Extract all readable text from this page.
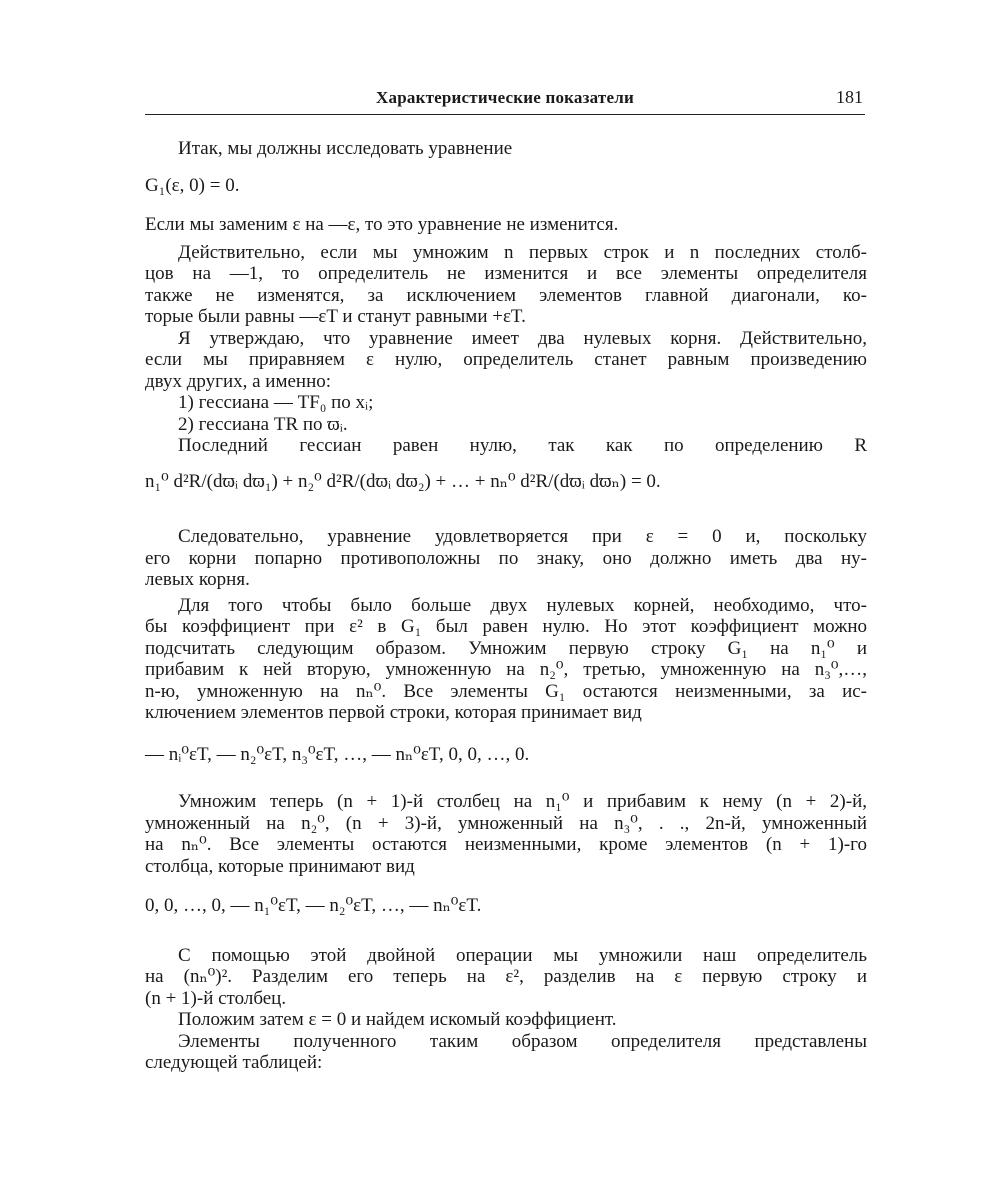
Характеристические показатели	181

Итак, мы должны исследовать уравнение

G₁(ε, 0) = 0.

Если мы заменим ε на —ε, то это уравнение не изменится.

Действительно, если мы умножим n первых строк и n последних столб-
цов на —1, то определитель не изменится и все элементы определителя
также не изменятся, за исключением элементов главной диагонали, ко-
торые были равны —εT и станут равными +εT.
Я утверждаю, что уравнение имеет два нулевых корня. Действительно,
если мы приравняем ε нулю, определитель станет равным произведению
двух других, а именно:

1) гессиана — TF₀ по xᵢ;

2) гессиана TR по ϖᵢ.

Последний гессиан равен нулю, так как по определению R

n₁⁰ d²R/(dϖᵢ dϖ₁) + n₂⁰ d²R/(dϖᵢ dϖ₂) + … + nₙ⁰ d²R/(dϖᵢ dϖₙ) = 0.

Следовательно, уравнение удовлетворяется при ε = 0 и, поскольку
его корни попарно противоположны по знаку, оно должно иметь два ну-
левых корня.
Для того чтобы было больше двух нулевых корней, необходимо, что-
бы коэффициент при ε² в G₁ был равен нулю. Но этот коэффициент можно
подсчитать следующим образом. Умножим первую строку G₁ на n₁⁰ и
прибавим к ней вторую, умноженную на n₂⁰, третью, умноженную на n₃⁰,…,
n-ю, умноженную на nₙ⁰. Все элементы G₁ остаются неизменными, за ис-
ключением элементов первой строки, которая принимает вид

— nᵢ⁰εT, — n₂⁰εT, n₃⁰εT, …, — nₙ⁰εT, 0, 0, …, 0.

Умножим теперь (n + 1)-й столбец на n₁⁰ и прибавим к нему (n + 2)-й,
умноженный на n₂⁰, (n + 3)-й, умноженный на n₃⁰, . ., 2n-й, умноженный
на nₙ⁰. Все элементы остаются неизменными, кроме элементов (n + 1)-го
столбца, которые принимают вид

0, 0, …, 0, — n₁⁰εT, — n₂⁰εT, …, — nₙ⁰εT.

С помощью этой двойной операции мы умножили наш определитель
на (nₙ⁰)². Разделим его теперь на ε², разделив на ε первую строку и
(n + 1)-й столбец.

Положим затем ε = 0 и найдем искомый коэффициент.

Элементы полученного таким образом определителя представлены
следующей таблицей:
